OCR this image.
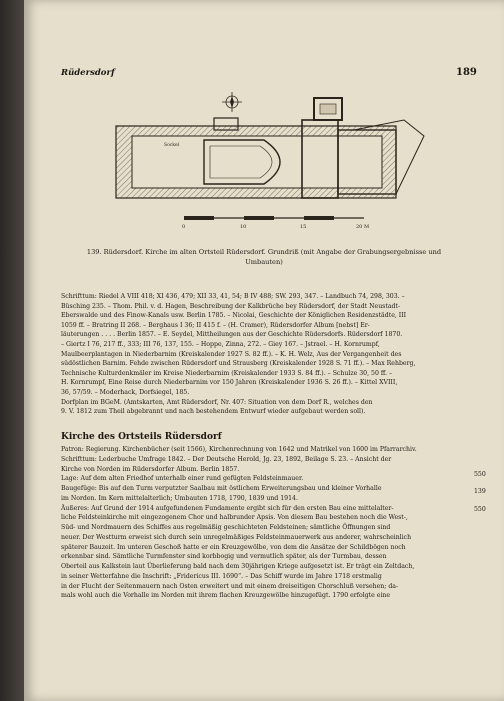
Rüdersdorf	189
Sockel
0	10	15	20 M
139. Rüdersdorf. Kirche im alten Ortsteil Rüdersdorf. Grundriß (mit Angabe der Grabungsergebnisse und Umbauten)

Schrifttum: Riedel A VIII 418; XI 436, 479; XII 33, 41, 54; B IV 488; SW. 293, 347. – Landbuch 74, 298, 303. –

Büsching 235. – Thom. Phil. v. d. Hagen, Beschreibung der Kalkbrüche bey Rüdersdorf, der Stadt Neustadt-

Eberswalde und des Finow-Kanals usw. Berlin 1785. – Nicolai, Geschichte der Königlichen Residenzstädte, III

1059 ff. – Bratring II 268. – Berghaus I 36; II 415 f. – (H. Cramer), Rüdersdorfer Album [nebst] Er-

läuterungen . . . . Berlin 1857. – E. Seydel, Mittheilungen aus der Geschichte Rüdersdorfs. Rüdersdorf 1870.

– Giertz I 76, 217 ff., 333; III 76, 137, 155. – Hoppe, Zinna, 272. – Giey 167. – Jstrael. – H. Kornrumpf,

Maulbeerplantagen in Niederbarnim (Kreiskalender 1927 S. 82 ff.). – K. H. Welz, Aus der Vergangenheit des

südöstlichen Barnim. Fehde zwischen Rüdersdorf und Strausberg (Kreiskalender 1928 S. 71 ff.). – Max Rehberg,

Technische Kulturdenkmäler im Kreise Niederbarnim (Kreiskalender 1933 S. 84 ff.). – Schulze 30, 50 ff. –

H. Kornrumpf, Eine Reise durch Niederbarnim vor 150 Jahren (Kreiskalender 1936 S. 26 ff.). – Kittel XVIII,

36, 57/59. – Moderhack, Dorfsiegel, 185.

Dorfplan im BGeM. (Amtskarten, Amt Rüdersdorf, Nr. 407: Situation von dem Dorf R., welches den

9. V. 1812 zum Theil abgebrannt und nach bestehendem Entwurf wieder aufgebaut werden soll).

Kirche des Ortsteils Rüdersdorf

Patron: Regierung. Kirchenbücher (seit 1566), Kirchenrechnung von 1642 und Matrikel von 1600 im Pfarrarchiv.

Schrifttum: Lederbuche Umfrage 1842. – Der Deutsche Herold, Jg. 23, 1892, Beilage S. 23. – Ansicht der

Kirche von Norden im Rüdersdorfer Album. Berlin 1857.

Lage: Auf dem alten Friedhof unterhalb einer rund gefügten Feldsteinmauer.

Baugefüge: Bis auf den Turm verputzter Saalbau mit östlichem Erweiterungsbau und kleiner Vorhalle

im Norden. Im Kern mittelalterlich; Umbauten 1718, 1790, 1839 und 1914.

Äußeres: Auf Grund der 1914 aufgefundenen Fundamente ergibt sich für den ersten Bau eine mittelalter-

liche Feldsteinkirche mit eingezogenem Chor und halbrunder Apsis. Von diesem Bau bestehen noch die West-,

Süd- und Nordmauern des Schiffes aus regelmäßig geschichteten Feldsteinen; sämtliche Öffnungen sind

neuer. Der Westturm erweist sich durch sein unregelmäßiges Feldsteinmauerwerk aus anderer, wahrscheinlich

späterer Bauzeit. Im unteren Geschoß hatte er ein Kreuzgewölbe, von dem die Ansätze der Schildbögen noch

erkennbar sind. Sämtliche Turmfenster sind korbbogig und vermutlich später, als der Turmbau, dessen

Oberteil aus Kalkstein laut Überlieferung bald nach dem 30jährigen Kriege aufgesetzt ist. Er trägt ein Zeltdach,

in seiner Wetterfahne die Inschrift: „Fridericus III. 1690“. – Das Schiff wurde im Jahre 1718 erstmalig

in der Flucht der Seitenmauern nach Osten erweitert und mit einem dreiseitigen Chorschluß versehen; da-

mals wohl auch die Vorhalle im Norden mit ihrem flachen Kreuzgewölbe hinzugefügt. 1790 erfolgte eine

550
139
550
